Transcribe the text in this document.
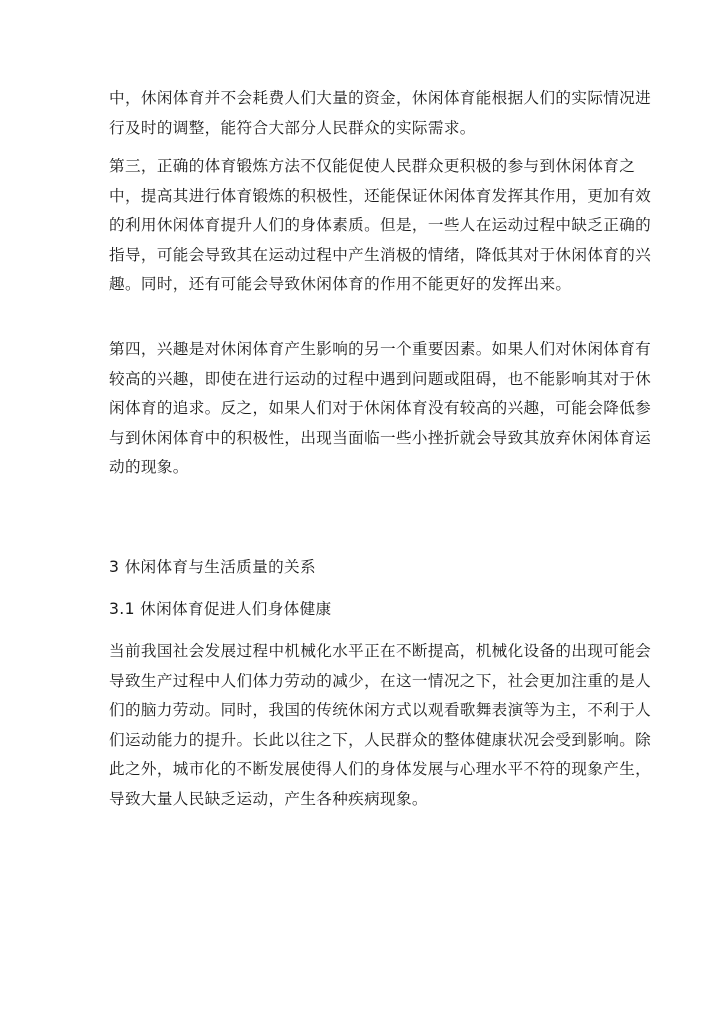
中，休闲体育并不会耗费人们大量的资金，休闲体育能根据人们的实际情况进
行及时的调整，能符合大部分人民群众的实际需求。
第三，正确的体育锻炼方法不仅能促使人民群众更积极的参与到休闲体育之
中，提高其进行体育锻炼的积极性，还能保证休闲体育发挥其作用，更加有效
的利用休闲体育提升人们的身体素质。但是，一些人在运动过程中缺乏正确的
指导，可能会导致其在运动过程中产生消极的情绪，降低其对于休闲体育的兴
趣。同时，还有可能会导致休闲体育的作用不能更好的发挥出来。
第四，兴趣是对休闲体育产生影响的另一个重要因素。如果人们对休闲体育有
较高的兴趣，即使在进行运动的过程中遇到问题或阻碍，也不能影响其对于休
闲体育的追求。反之，如果人们对于休闲体育没有较高的兴趣，可能会降低参
与到休闲体育中的积极性，出现当面临一些小挫折就会导致其放弃休闲体育运
动的现象。
3 休闲体育与生活质量的关系
3.1 休闲体育促进人们身体健康
当前我国社会发展过程中机械化水平正在不断提高，机械化设备的出现可能会
导致生产过程中人们体力劳动的减少，在这一情况之下，社会更加注重的是人
们的脑力劳动。同时，我国的传统休闲方式以观看歌舞表演等为主，不利于人
们运动能力的提升。长此以往之下，人民群众的整体健康状况会受到影响。除
此之外，城市化的不断发展使得人们的身体发展与心理水平不符的现象产生，
导致大量人民缺乏运动，产生各种疾病现象。
